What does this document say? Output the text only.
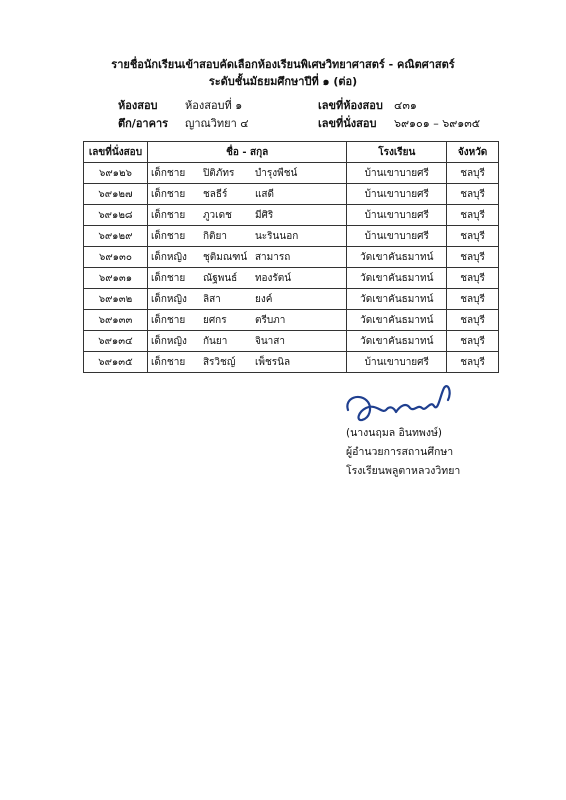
รายชื่อนักเรียนเข้าสอบคัดเลือกห้องเรียนพิเศษวิทยาศาสตร์ - คณิตศาสตร์
ระดับชั้นมัธยมศึกษาปีที่ ๑ (ต่อ)
ห้องสอบ ห้องสอบที่ ๑	เลขที่ห้องสอบ ๔๓๑
ตึก/อาคาร ญาณวิทยา ๔	เลขที่นั่งสอบ ๖๙๑๐๑ – ๖๙๑๓๕
เลขที่นั่งสอบ	ชื่อ - สกุล	โรงเรียน	จังหวัด
๖๙๑๒๖	เด็กชาย ปิติภัทร บำรุงพืชน์	บ้านเขาบายศรี	ชลบุรี
๖๙๑๒๗	เด็กชาย ชลธีร์ แสดี	บ้านเขาบายศรี	ชลบุรี
๖๙๑๒๘	เด็กชาย ภูวเดช มีศิริ	บ้านเขาบายศรี	ชลบุรี
๖๙๑๒๙	เด็กชาย กิติยา นะรินนอก	บ้านเขาบายศรี	ชลบุรี
๖๙๑๓๐	เด็กหญิง ชุติมณฑน์ สามารถ	วัดเขาคันธมาทน์	ชลบุรี
๖๙๑๓๑	เด็กชาย ณัฐพนธ์ ทองรัตน์	วัดเขาคันธมาทน์	ชลบุรี
๖๙๑๓๒	เด็กหญิง ลิสา ยงค์	วัดเขาคันธมาทน์	ชลบุรี
๖๙๑๓๓	เด็กชาย ยศกร ตรีบภา	วัดเขาคันธมาทน์	ชลบุรี
๖๙๑๓๔	เด็กหญิง กันยา จินาสา	วัดเขาคันธมาทน์	ชลบุรี
๖๙๑๓๕	เด็กชาย สิรวิชญ์ เพ็ชรนิล	บ้านเขาบายศรี	ชลบุรี
(นางนฤมล อินทพงษ์)
ผู้อำนวยการสถานศึกษา
โรงเรียนพลูตาหลวงวิทยา
